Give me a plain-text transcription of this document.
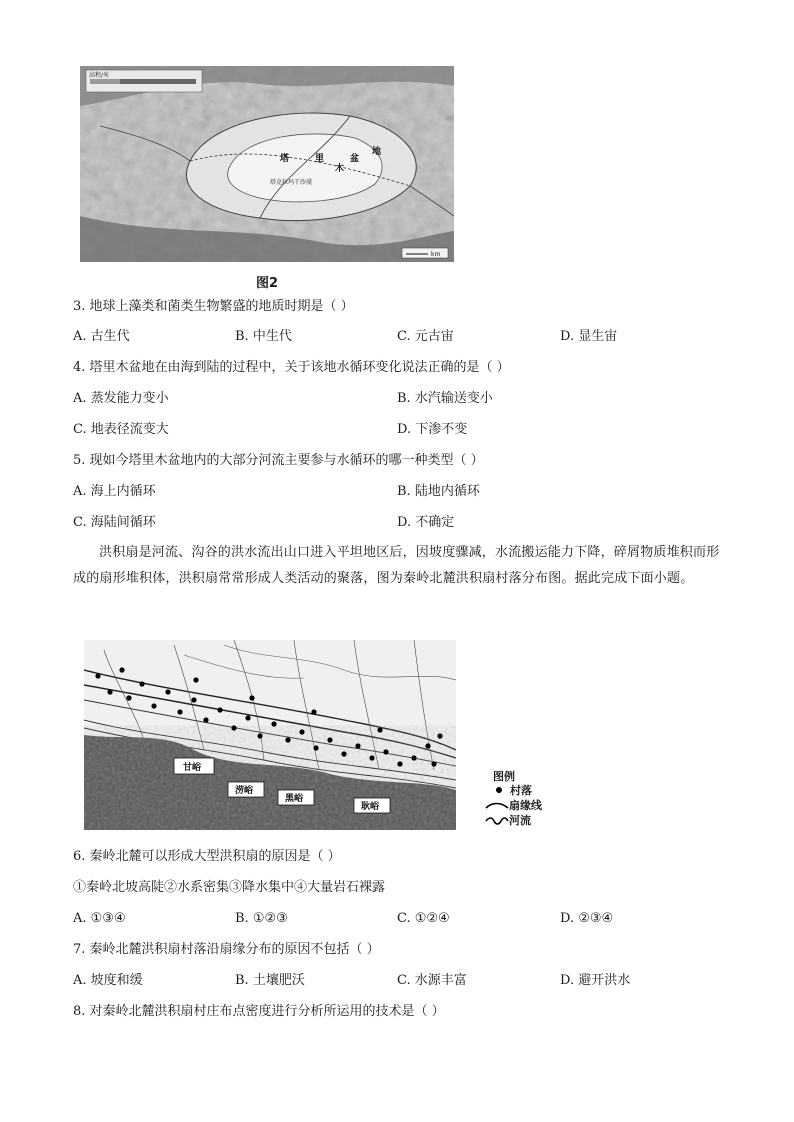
塔	里
木
盆
地
塔克拉玛干沙漠
高程/米
km
图2
3. 地球上藻类和菌类生物繁盛的地质时期是（ ）
A. 古生代	B. 中生代	C. 元古宙	D. 显生宙
4. 塔里木盆地在由海到陆的过程中，关于该地水循环变化说法正确的是（ ）
A. 蒸发能力变小	B. 水汽输送变小
C. 地表径流变大	D. 下渗不变
5. 现如今塔里木盆地内的大部分河流主要参与水循环的哪一种类型（ ）
A. 海上内循环	B. 陆地内循环
C. 海陆间循环	D. 不确定
洪积扇是河流、沟谷的洪水流出山口进入平坦地区后，因坡度骤减，水流搬运能力下降，碎屑物质堆积而形成的扇形堆积体，洪积扇常常形成人类活动的聚落，图为秦岭北麓洪积扇村落分布图。据此完成下面小题。
甘峪
涝峪
黑峪
耿峪
图例
村落
扇缘线
河流
6. 秦岭北麓可以形成大型洪积扇的原因是（ ）
①秦岭北坡高陡②水系密集③降水集中④大量岩石裸露
A. ①③④	B. ①②③	C. ①②④	D. ②③④
7. 秦岭北麓洪积扇村落沿扇缘分布的原因不包括（ ）
A. 坡度和缓	B. 土壤肥沃	C. 水源丰富	D. 避开洪水
8. 对秦岭北麓洪积扇村庄布点密度进行分析所运用的技术是（ ）
